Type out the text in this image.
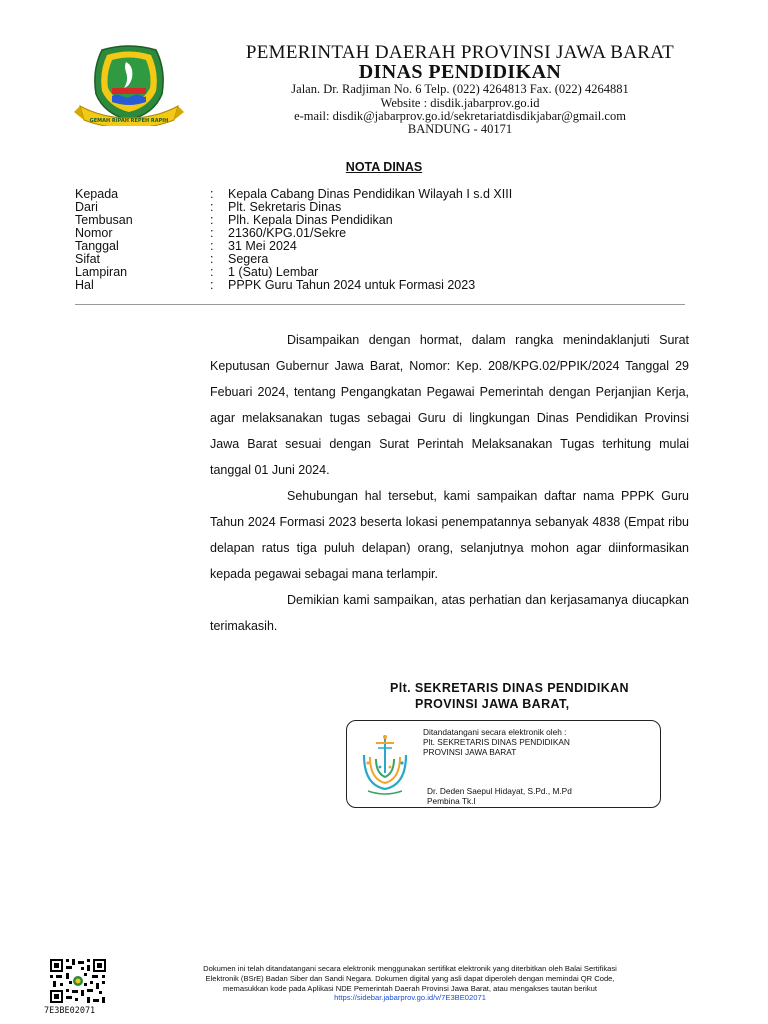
GEMAH RIPAH REPEH RAPIH
PEMERINTAH DAERAH PROVINSI JAWA BARAT
DINAS PENDIDIKAN
Jalan. Dr. Radjiman No. 6 Telp. (022) 4264813 Fax. (022) 4264881
Website : disdik.jabarprov.go.id
e-mail: disdik@jabarprov.go.id/sekretariatdisdikjabar@gmail.com
BANDUNG - 40171
NOTA DINAS
Kepada	: Kepala Cabang Dinas Pendidikan Wilayah I s.d XIII
Dari	: Plt. Sekretaris Dinas
Tembusan	: Plh. Kepala Dinas Pendidikan
Nomor	: 21360/KPG.01/Sekre
Tanggal	: 31 Mei 2024
Sifat	: Segera
Lampiran	: 1 (Satu) Lembar
Hal	: PPPK Guru Tahun 2024 untuk Formasi 2023

Disampaikan dengan hormat, dalam rangka menindaklanjuti Surat Keputusan Gubernur Jawa Barat, Nomor: Kep. 208/KPG.02/PPIK/2024 Tanggal 29 Febuari 2024, tentang Pengangkatan Pegawai Pemerintah dengan Perjanjian Kerja, agar melaksanakan tugas sebagai Guru di lingkungan Dinas Pendidikan Provinsi Jawa Barat sesuai dengan Surat Perintah Melaksanakan Tugas terhitung mulai tanggal 01 Juni 2024.

Sehubungan hal tersebut, kami sampaikan daftar nama PPPK Guru Tahun 2024 Formasi 2023 beserta lokasi penempatannya sebanyak 4838 (Empat ribu delapan ratus tiga puluh delapan) orang, selanjutnya mohon agar diinformasikan kepada pegawai sebagai mana terlampir.

Demikian kami sampaikan, atas perhatian dan kerjasamanya diucapkan terimakasih.

Plt. SEKRETARIS DINAS PENDIDIKAN
PROVINSI JAWA BARAT,
Ditandatangani secara elektronik oleh :
Plt. SEKRETARIS DINAS PENDIDIKAN
PROVINSI JAWA BARAT
Dr. Deden Saepul Hidayat, S.Pd., M.Pd
Pembina Tk.I
7E3BE02071
Dokumen ini telah ditandatangani secara elektronik menggunakan sertifikat elektronik yang diterbitkan oleh Balai Sertifikasi
Elektronik (BSrE) Badan Siber dan Sandi Negara. Dokumen digital yang asli dapat diperoleh dengan memindai QR Code,
memasukkan kode pada Aplikasi NDE Pemerintah Daerah Provinsi Jawa Barat, atau mengakses tautan berikut
https://sidebar.jabarprov.go.id/v/7E3BE02071
